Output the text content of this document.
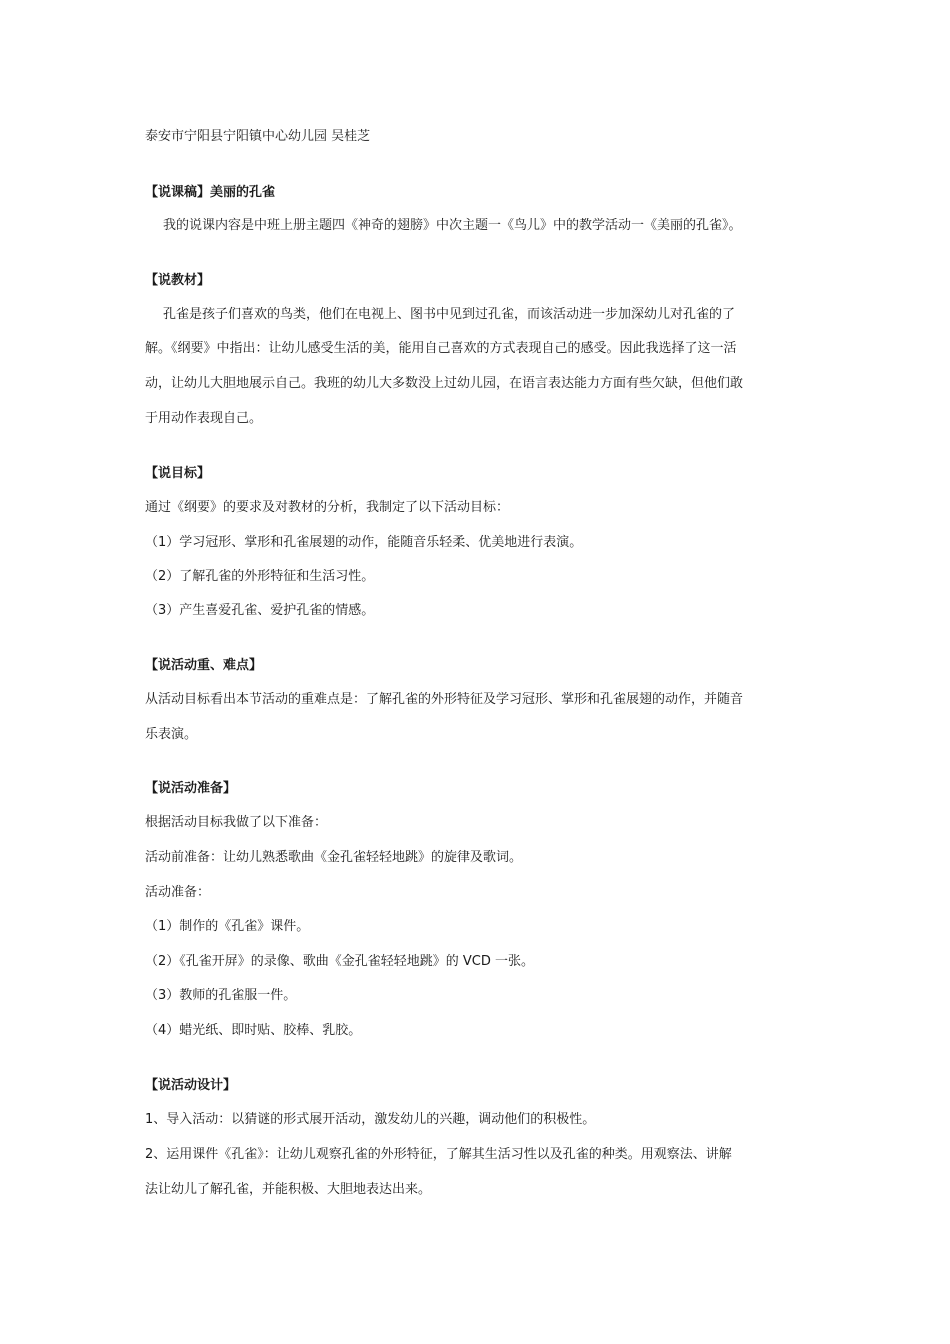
泰安市宁阳县宁阳镇中心幼儿园 吴桂芝
【说课稿】美丽的孔雀
我的说课内容是中班上册主题四《神奇的翅膀》中次主题一《鸟儿》中的教学活动一《美丽的孔雀》。
【说教材】
孔雀是孩子们喜欢的鸟类，他们在电视上、图书中见到过孔雀，而该活动进一步加深幼儿对孔雀的了
解。《纲要》中指出：让幼儿感受生活的美，能用自己喜欢的方式表现自己的感受。因此我选择了这一活
动，让幼儿大胆地展示自己。我班的幼儿大多数没上过幼儿园，在语言表达能力方面有些欠缺，但他们敢
于用动作表现自己。
【说目标】
通过《纲要》的要求及对教材的分析，我制定了以下活动目标：
（1）学习冠形、掌形和孔雀展翅的动作，能随音乐轻柔、优美地进行表演。
（2）了解孔雀的外形特征和生活习性。
（3）产生喜爱孔雀、爱护孔雀的情感。
【说活动重、难点】
从活动目标看出本节活动的重难点是：了解孔雀的外形特征及学习冠形、掌形和孔雀展翅的动作，并随音
乐表演。
【说活动准备】
根据活动目标我做了以下准备：
活动前准备：让幼儿熟悉歌曲《金孔雀轻轻地跳》的旋律及歌词。
活动准备：
（1）制作的《孔雀》课件。
（2）《孔雀开屏》的录像、歌曲《金孔雀轻轻地跳》的 VCD 一张。
（3）教师的孔雀服一件。
（4）蜡光纸、即时贴、胶棒、乳胶。
【说活动设计】
1、导入活动：以猜谜的形式展开活动，激发幼儿的兴趣，调动他们的积极性。
2、运用课件《孔雀》：让幼儿观察孔雀的外形特征，了解其生活习性以及孔雀的种类。用观察法、讲解
法让幼儿了解孔雀，并能积极、大胆地表达出来。
